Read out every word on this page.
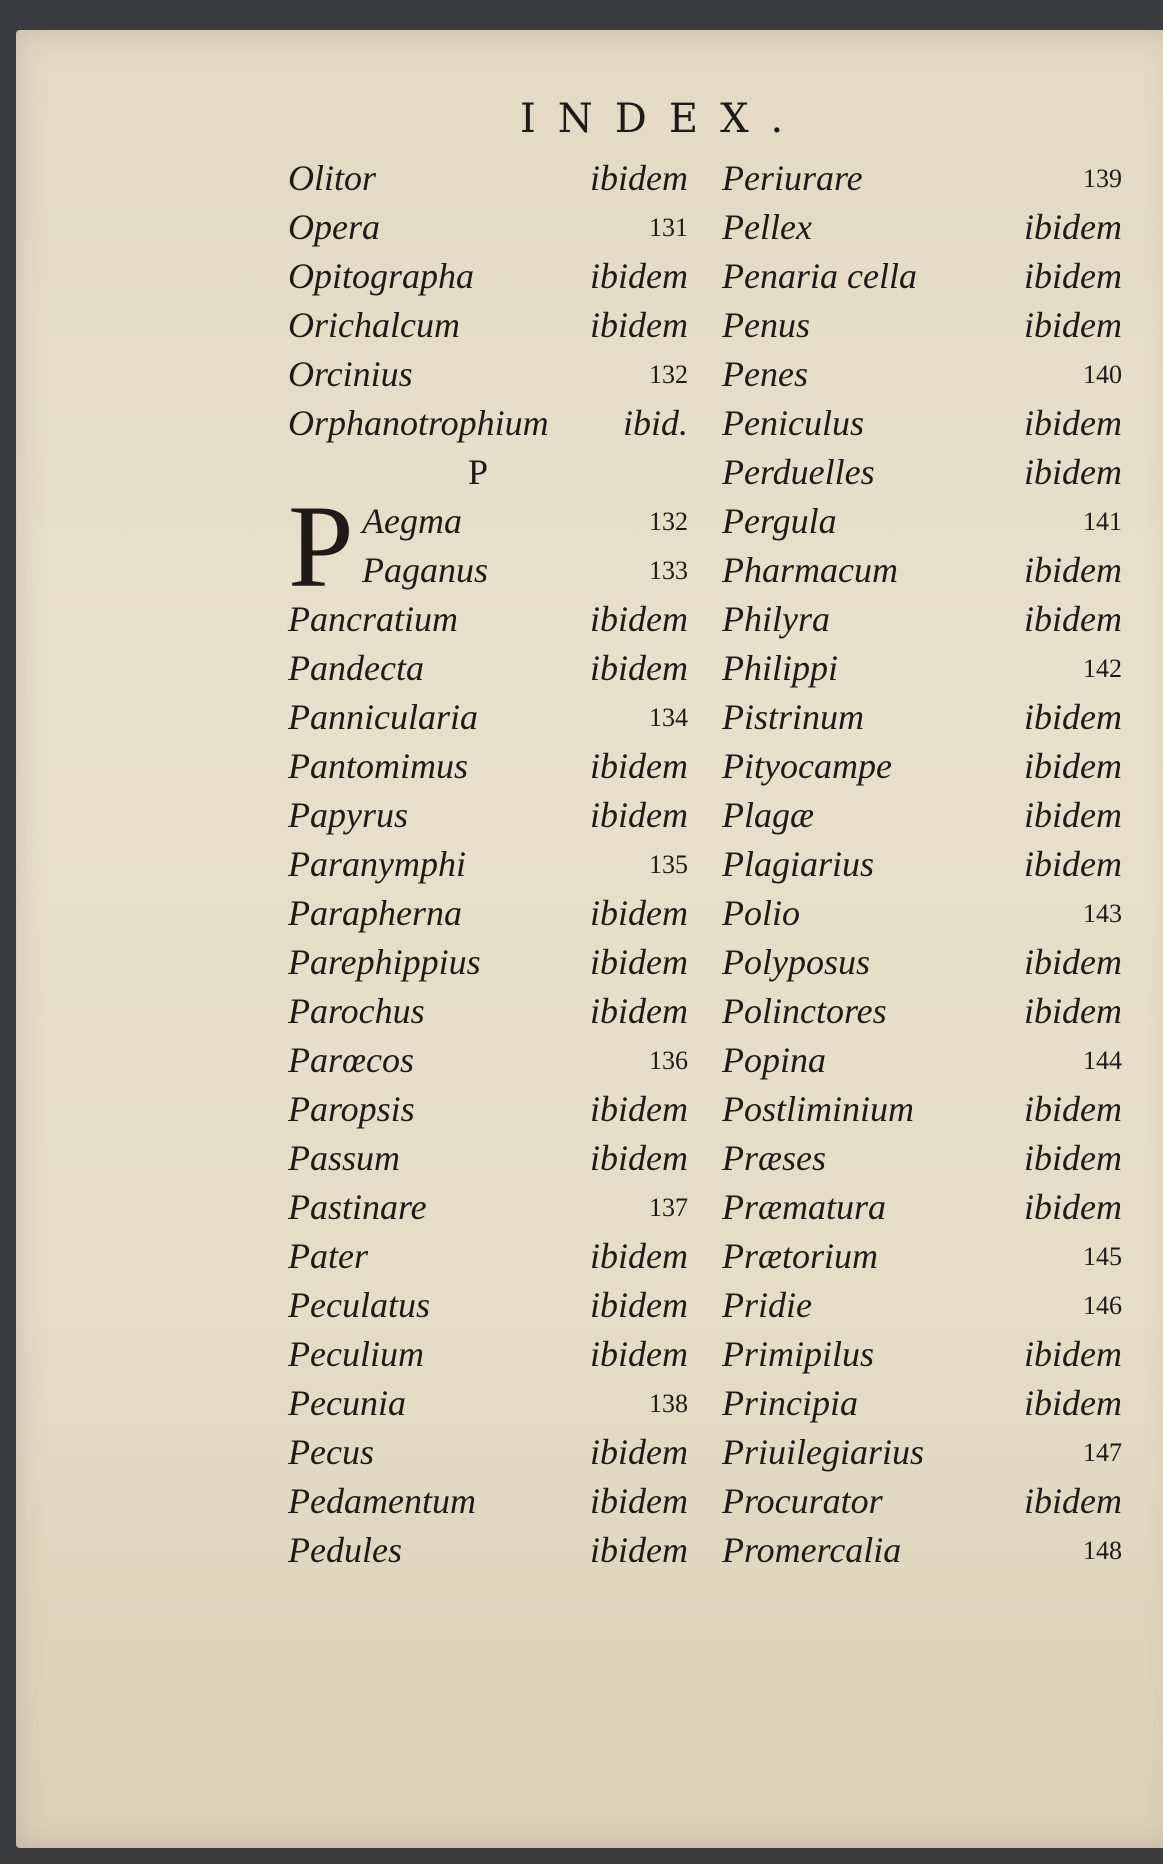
INDEX.
Olitor	ibidem
Opera	131
Opitographa	ibidem
Orichalcum	ibidem
Orcinius	132
Orphanotrophium ibid.
P
P Aegma	132
Paganus	133
Pancratium	ibidem
Pandecta	ibidem
Pannicularia	134
Pantomimus	ibidem
Papyrus	ibidem
Paranymphi	135
Parapherna	ibidem
Parephippius	ibidem
Parochus	ibidem
Parœcos	136
Paropsis	ibidem
Passum	ibidem
Pastinare	137
Pater	ibidem
Peculatus	ibidem
Peculium	ibidem
Pecunia	138
Pecus	ibidem
Pedamentum	ibidem
Pedules	ibidem
Periurare	139
Pellex	ibidem
Penaria cella	ibidem
Penus	ibidem
Penes	140
Peniculus	ibidem
Perduelles	ibidem
Pergula	141
Pharmacum	ibidem
Philyra	ibidem
Philippi	142
Pistrinum	ibidem
Pityocampe	ibidem
Plagæ	ibidem
Plagiarius	ibidem
Polio	143
Polyposus	ibidem
Polinctores	ibidem
Popina	144
Postliminium	ibidem
Præses	ibidem
Præmatura	ibidem
Prætorium	145
Pridie	146
Primipilus	ibidem
Principia	ibidem
Priuilegiarius	147
Procurator	ibidem
Promercalia	148
